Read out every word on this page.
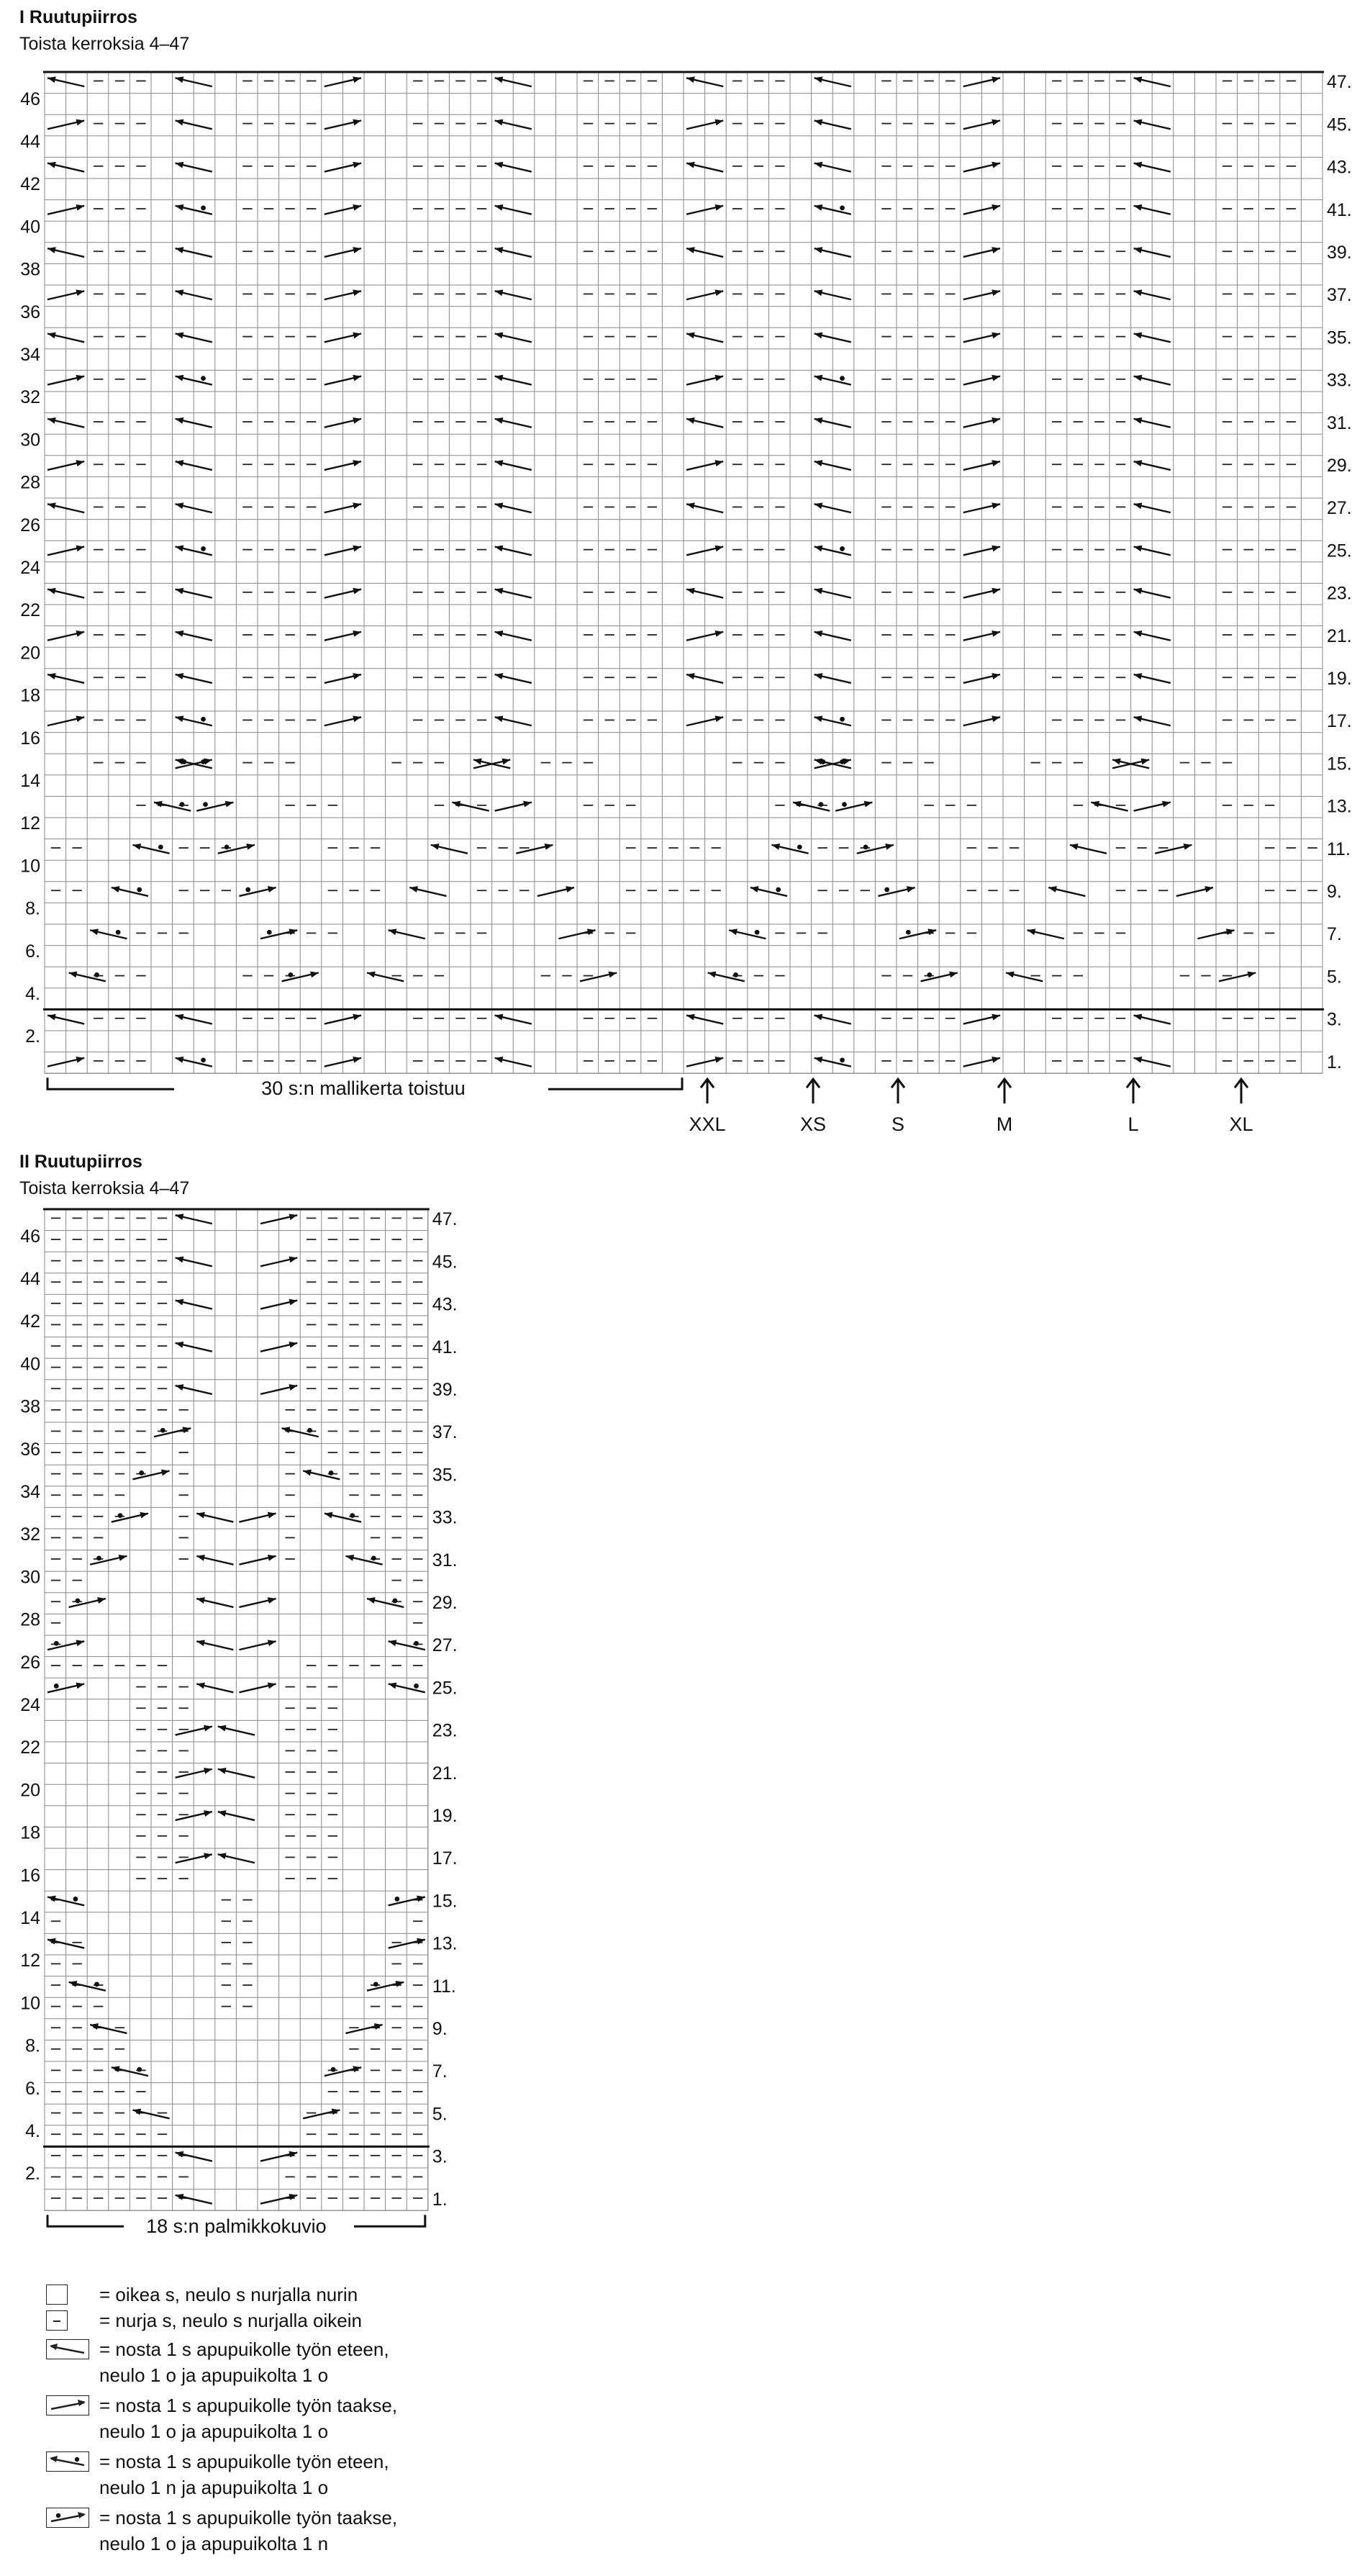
I Ruutupiirros
Toista kerroksia 4–47
1.
2.
3.
4.
5.
6.
7.
8.
9.
10
11.
12
13.
14
15.
16
17.
18
19.
20
21.
22
23.
24
25.
26
27.
28
29.
30
31.
32
33.
34
35.
36
37.
38
39.
40
41.
42
43.
44
45.
46
47.
30 s:n mallikerta toistuu
XXL	XS	S	M	L	XL
II Ruutupiirros
Toista kerroksia 4–47
1.
2.
3.
4.
5.
6.
7.
8.
9.
10
11.
12
13.
14
15.
16
17.
18
19.
20
21.
22
23.
24
25.
26
27.
28
29.
30
31.
32
33.
34
35.
36
37.
38
39.
40
41.
42
43.
44
45.
46
47.
18 s:n palmikkokuvio
= oikea s, neulo s nurjalla nurin
= nurja s, neulo s nurjalla oikein
= nosta 1 s apupuikolle työn eteen,
neulo 1 o ja apupuikolta 1 o
= nosta 1 s apupuikolle työn taakse,
neulo 1 o ja apupuikolta 1 o
= nosta 1 s apupuikolle työn eteen,
neulo 1 n ja apupuikolta 1 o
= nosta 1 s apupuikolle työn taakse,
neulo 1 o ja apupuikolta 1 n
